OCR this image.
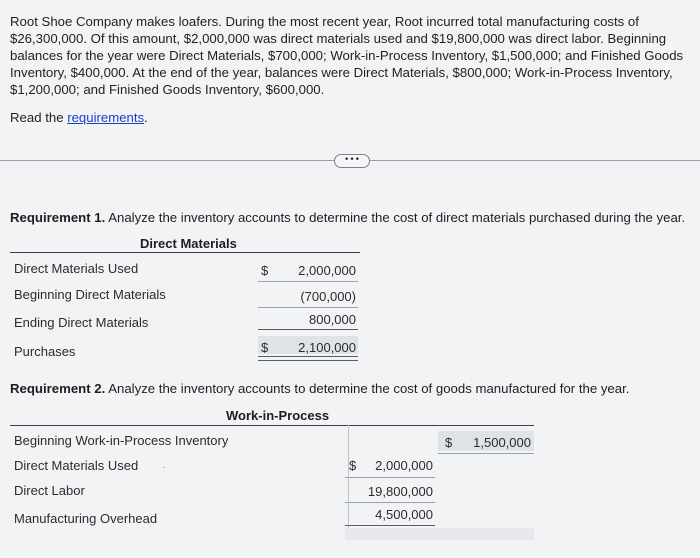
Root Shoe Company makes loafers. During the most recent year, Root incurred total manufacturing costs of $26,300,000. Of this amount, $2,000,000 was direct materials used and $19,800,000 was direct labor. Beginning balances for the year were Direct Materials, $700,000; Work-in-Process Inventory, $1,500,000; and Finished Goods Inventory, $400,000. At the end of the year, balances were Direct Materials, $800,000; Work-in-Process Inventory, $1,200,000; and Finished Goods Inventory, $600,000.
Read the requirements.
•••
Requirement 1. Analyze the inventory accounts to determine the cost of direct materials purchased during the year.
Direct Materials
Direct Materials Used	$	2,000,000
Beginning Direct Materials	(700,000)
Ending Direct Materials	800,000
Purchases	$	2,100,000
Requirement 2. Analyze the inventory accounts to determine the cost of goods manufactured for the year.
Work-in-Process
Beginning Work-in-Process Inventory	$	1,500,000
Direct Materials Used ·	$	2,000,000
Direct Labor	19,800,000
Manufacturing Overhead	4,500,000
